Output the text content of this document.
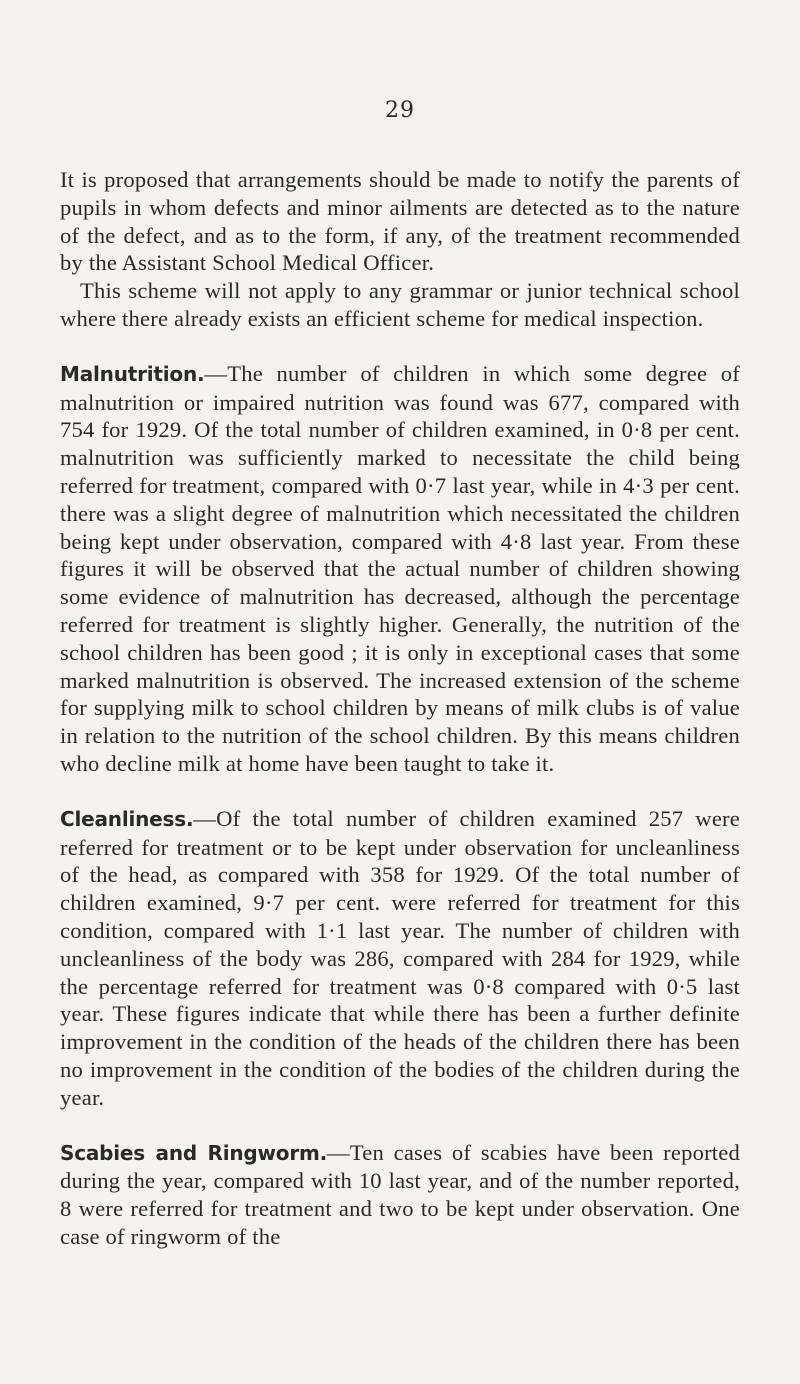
29

It is proposed that arrangements should be made to notify the parents of pupils in whom defects and minor ailments are detected as to the nature of the defect, and as to the form, if any, of the treatment recommended by the Assistant School Medical Officer.

This scheme will not apply to any grammar or junior technical school where there already exists an efficient scheme for medical inspection.

Malnutrition.—The number of children in which some degree of malnutrition or impaired nutrition was found was 677, compared with 754 for 1929. Of the total number of children examined, in 0·8 per cent. malnutrition was sufficiently marked to necessitate the child being referred for treatment, compared with 0·7 last year, while in 4·3 per cent. there was a slight degree of malnutrition which necessitated the children being kept under observation, compared with 4·8 last year. From these figures it will be observed that the actual number of children showing some evidence of malnutrition has decreased, although the percentage referred for treatment is slightly higher. Generally, the nutrition of the school children has been good ; it is only in exceptional cases that some marked malnutrition is observed. The increased extension of the scheme for supplying milk to school children by means of milk clubs is of value in relation to the nutrition of the school children. By this means children who decline milk at home have been taught to take it.

Cleanliness.—Of the total number of children examined 257 were referred for treatment or to be kept under observation for uncleanliness of the head, as compared with 358 for 1929. Of the total number of children examined, 9·7 per cent. were referred for treatment for this condition, compared with 1·1 last year. The number of children with uncleanliness of the body was 286, compared with 284 for 1929, while the percentage referred for treatment was 0·8 compared with 0·5 last year. These figures indicate that while there has been a further definite improvement in the condition of the heads of the children there has been no improvement in the condition of the bodies of the children during the year.

Scabies and Ringworm.—Ten cases of scabies have been reported during the year, compared with 10 last year, and of the number reported, 8 were referred for treatment and two to be kept under observation. One case of ringworm of the
